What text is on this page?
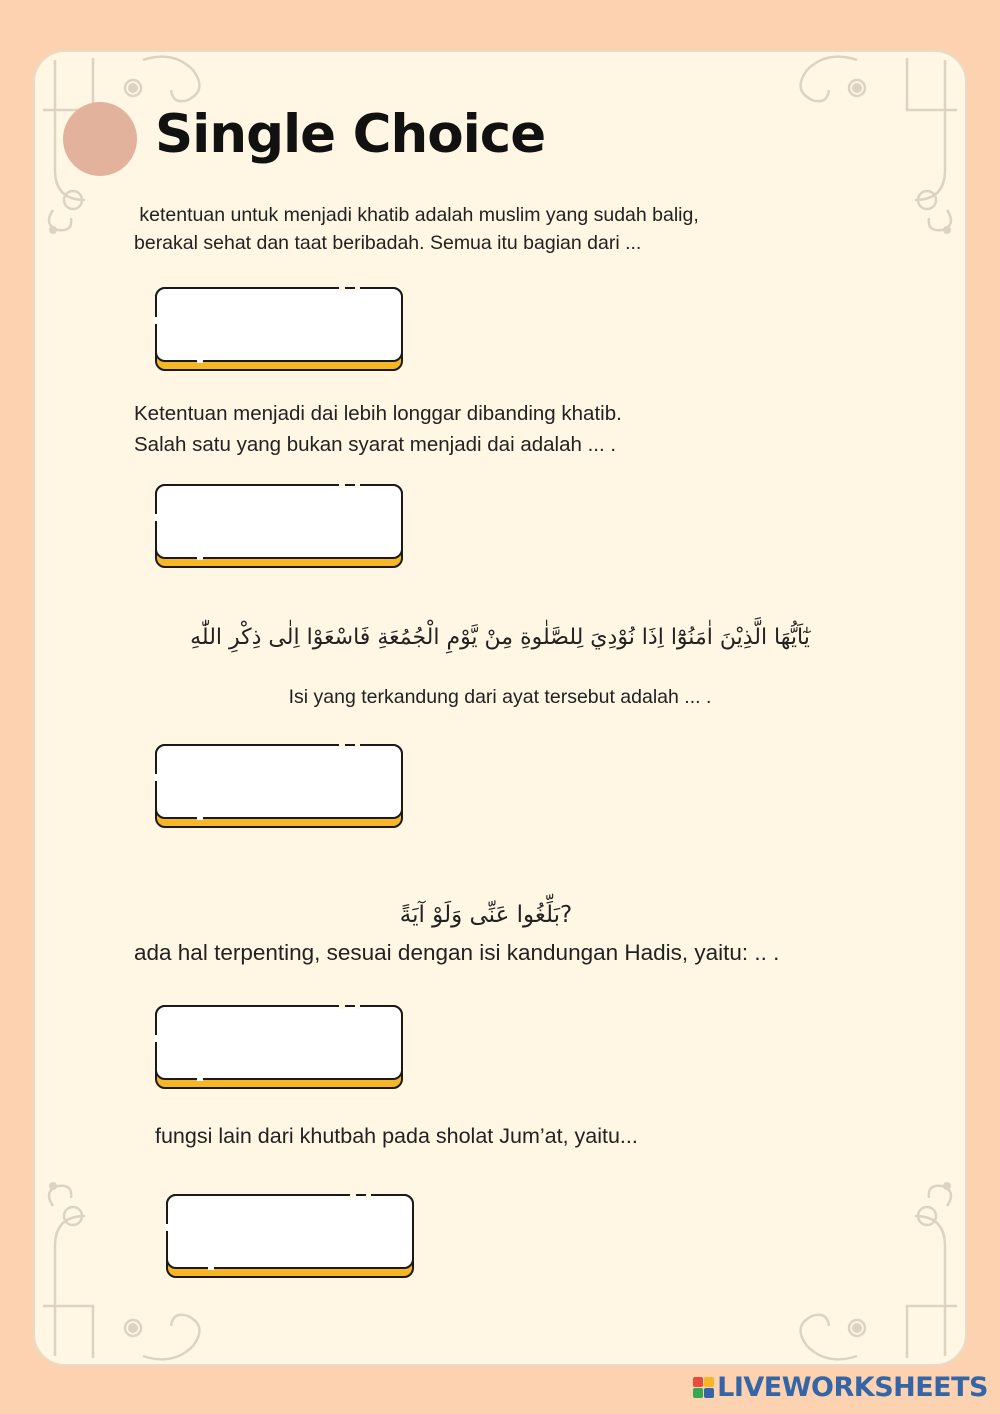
Single Choice
ketentuan untuk menjadi khatib adalah muslim yang sudah balig,
berakal sehat dan taat beribadah. Semua itu bagian dari ...
Ketentuan menjadi dai lebih longgar dibanding khatib.
Salah satu yang bukan syarat menjadi dai adalah ... .
يٰٓاَيُّهَا الَّذِيْنَ اٰمَنُوْٓا اِذَا نُوْدِيَ لِلصَّلٰوةِ مِنْ يَّوْمِ الْجُمُعَةِ فَاسْعَوْا اِلٰى ذِكْرِ اللّٰهِ
Isi yang terkandung dari ayat tersebut adalah ... .
بَلِّغُوا عَنِّى وَلَوْ آيَةً?
ada hal terpenting, sesuai dengan isi kandungan Hadis, yaitu: .. .
fungsi lain dari khutbah pada sholat Jum’at, yaitu...
LIVEWORKSHEETS
